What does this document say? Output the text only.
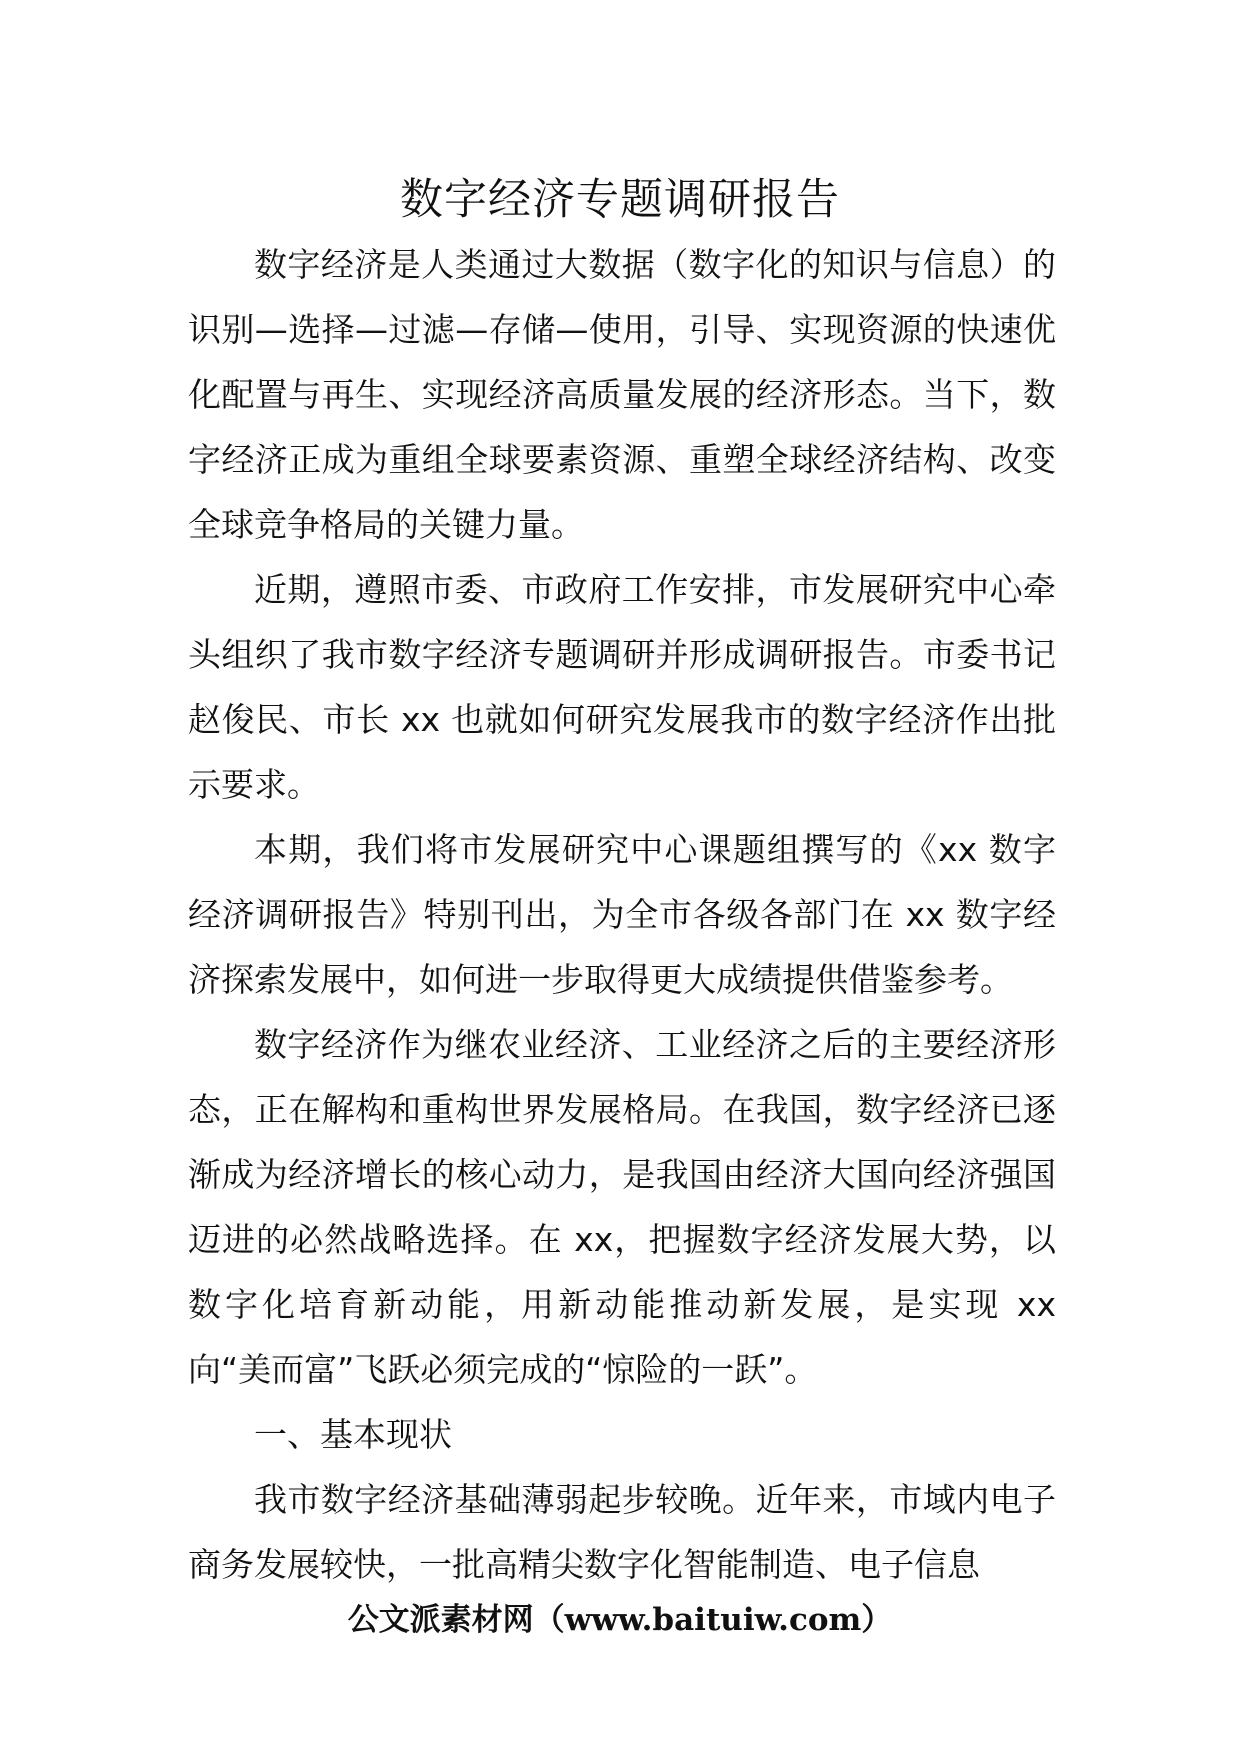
数字经济专题调研报告

数字经济是人类通过大数据（数字化的知识与信息）的识别—选择—过滤—存储—使用，引导、实现资源的快速优化配置与再生、实现经济高质量发展的经济形态。当下，数字经济正成为重组全球要素资源、重塑全球经济结构、改变全球竞争格局的关键力量。

近期，遵照市委、市政府工作安排，市发展研究中心牵头组织了我市数字经济专题调研并形成调研报告。市委书记赵俊民、市长 xx 也就如何研究发展我市的数字经济作出批示要求。

本期，我们将市发展研究中心课题组撰写的《xx 数字经济调研报告》特别刊出，为全市各级各部门在 xx 数字经济探索发展中，如何进一步取得更大成绩提供借鉴参考。

数字经济作为继农业经济、工业经济之后的主要经济形态，正在解构和重构世界发展格局。在我国，数字经济已逐渐成为经济增长的核心动力，是我国由经济大国向经济强国迈进的必然战略选择。在 xx，把握数字经济发展大势，以数字化培育新动能，用新动能推动新发展，是实现 xx 向“美而富”飞跃必须完成的“惊险的一跃”。

一、基本现状

我市数字经济基础薄弱起步较晚。近年来，市域内电子商务发展较快，一批高精尖数字化智能制造、电子信息

公文派素材网（www.baituiw.com）
